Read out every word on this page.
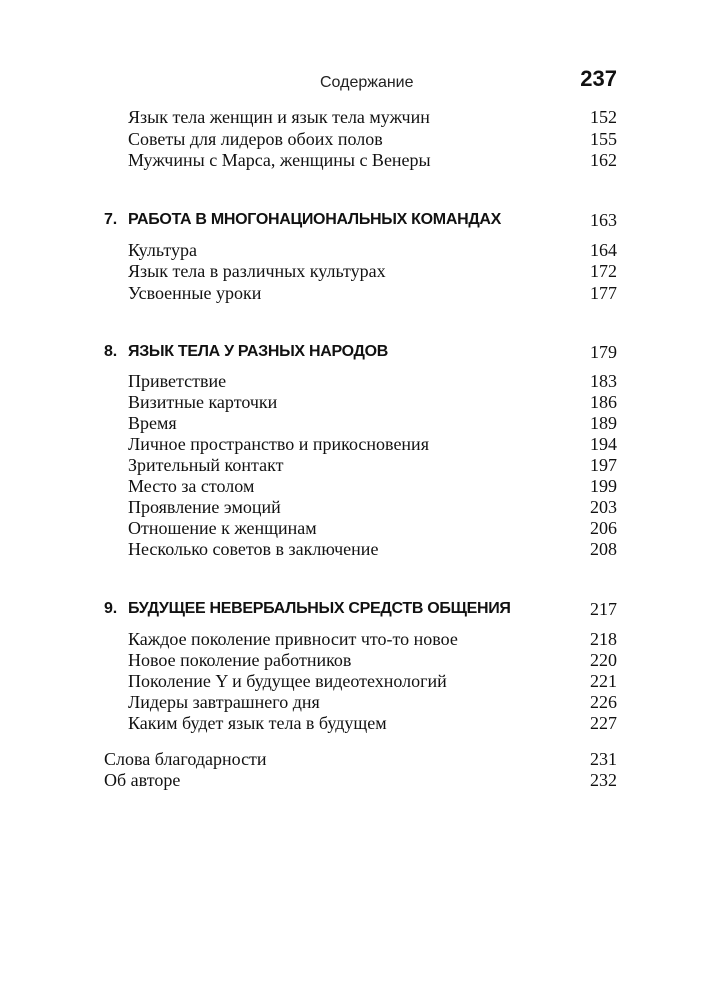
Содержание	237
Язык тела женщин и язык тела мужчин	152
Советы для лидеров обоих полов	155
Мужчины с Марса, женщины с Венеры	162
7. РАБОТА В МНОГОНАЦИОНАЛЬНЫХ КОМАНДАХ	163
Культура	164
Язык тела в различных культурах	172
Усвоенные уроки	177
8. ЯЗЫК ТЕЛА У РАЗНЫХ НАРОДОВ	179
Приветствие	183
Визитные карточки	186
Время	189
Личное пространство и прикосновения	194
Зрительный контакт	197
Место за столом	199
Проявление эмоций	203
Отношение к женщинам	206
Несколько советов в заключение	208
9. БУДУЩЕЕ НЕВЕРБАЛЬНЫХ СРЕДСТВ ОБЩЕНИЯ	217
Каждое поколение привносит что-то новое	218
Новое поколение работников	220
Поколение Y и будущее видеотехнологий	221
Лидеры завтрашнего дня	226
Каким будет язык тела в будущем	227
Слова благодарности	231
Об авторе	232
